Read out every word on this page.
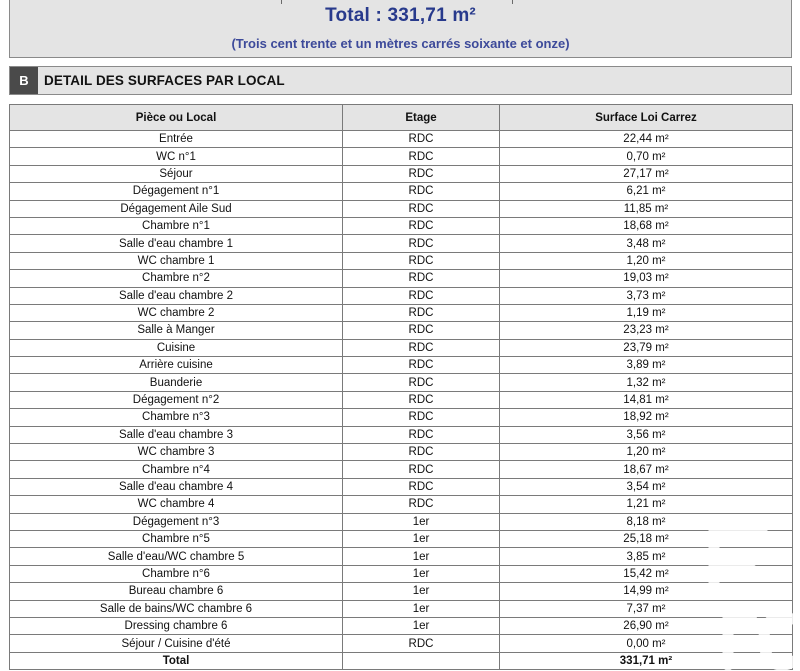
Total : 331,71 m²
(Trois cent trente et un mètres carrés soixante et onze)
B	DETAIL DES SURFACES PAR LOCAL
Pièce ou Local	Etage	Surface Loi Carrez
Entrée	RDC	22,44 m²
WC n°1	RDC	0,70 m²
Séjour	RDC	27,17 m²
Dégagement n°1	RDC	6,21 m²
Dégagement Aile Sud	RDC	11,85 m²
Chambre n°1	RDC	18,68 m²
Salle d'eau chambre 1	RDC	3,48 m²
WC chambre 1	RDC	1,20 m²
Chambre n°2	RDC	19,03 m²
Salle d'eau chambre 2	RDC	3,73 m²
WC chambre 2	RDC	1,19 m²
Salle à Manger	RDC	23,23 m²
Cuisine	RDC	23,79 m²
Arrière cuisine	RDC	3,89 m²
Buanderie	RDC	1,32 m²
Dégagement n°2	RDC	14,81 m²
Chambre n°3	RDC	18,92 m²
Salle d'eau chambre 3	RDC	3,56 m²
WC chambre 3	RDC	1,20 m²
Chambre n°4	RDC	18,67 m²
Salle d'eau chambre 4	RDC	3,54 m²
WC chambre 4	RDC	1,21 m²
Dégagement n°3	1er	8,18 m²
Chambre n°5	1er	25,18 m²
Salle d'eau/WC chambre 5	1er	3,85 m²
Chambre n°6	1er	15,42 m²
Bureau chambre 6	1er	14,99 m²
Salle de bains/WC chambre 6	1er	7,37 m²
Dressing chambre 6	1er	26,90 m²
Séjour / Cuisine d'été	RDC	0,00 m²
Total		331,71 m²
